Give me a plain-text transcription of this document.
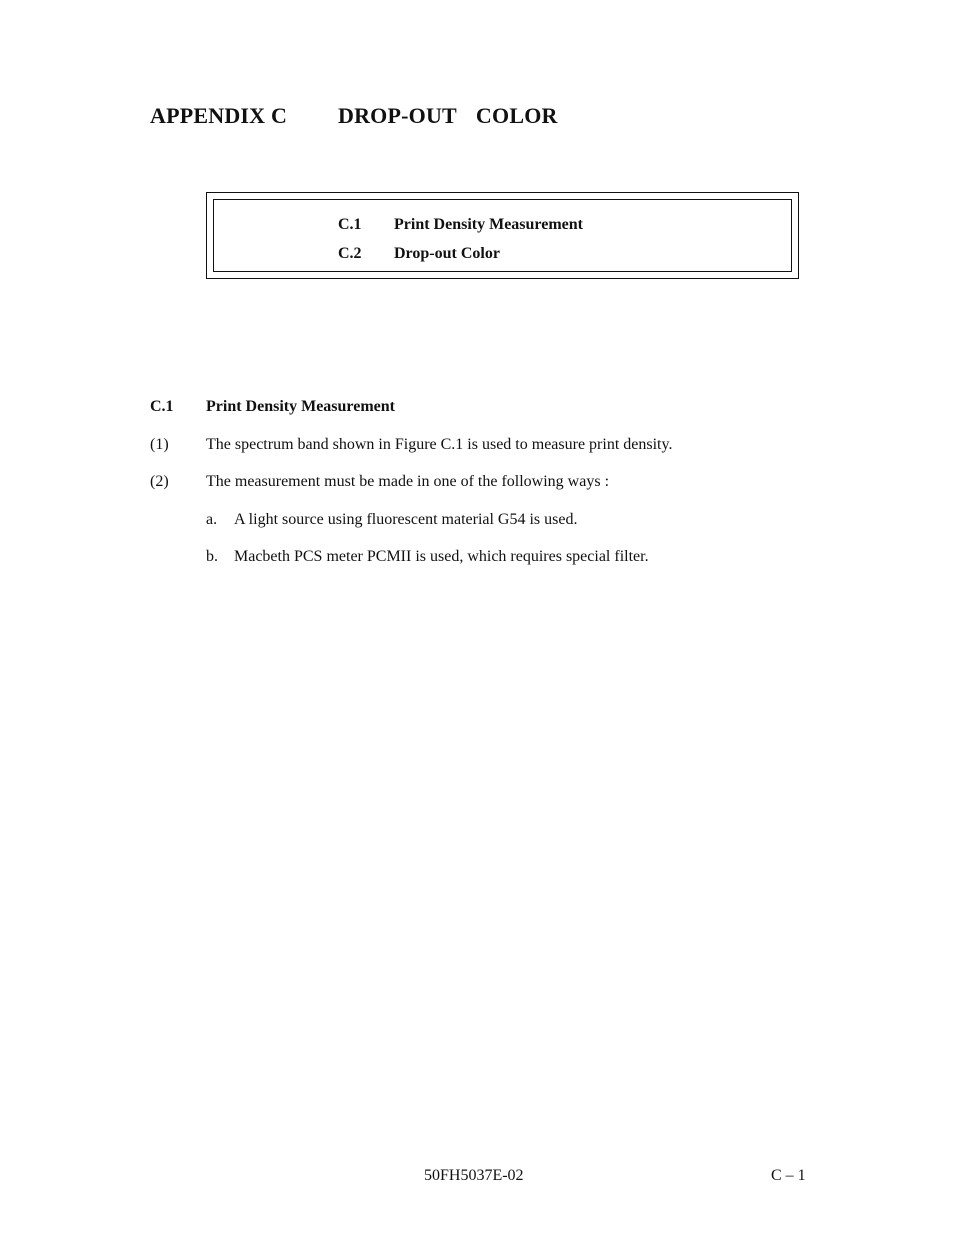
APPENDIX C DROP-OUT  COLOR
C.1 Print Density Measurement
C.2 Drop-out Color
C.1 Print Density Measurement
(1) The spectrum band shown in Figure C.1 is used to measure print density.
(2) The measurement must be made in one of the following ways :
a. A light source using fluorescent material G54 is used.
b. Macbeth PCS meter PCMII is used, which requires special filter.
50FH5037E-02	C – 1
